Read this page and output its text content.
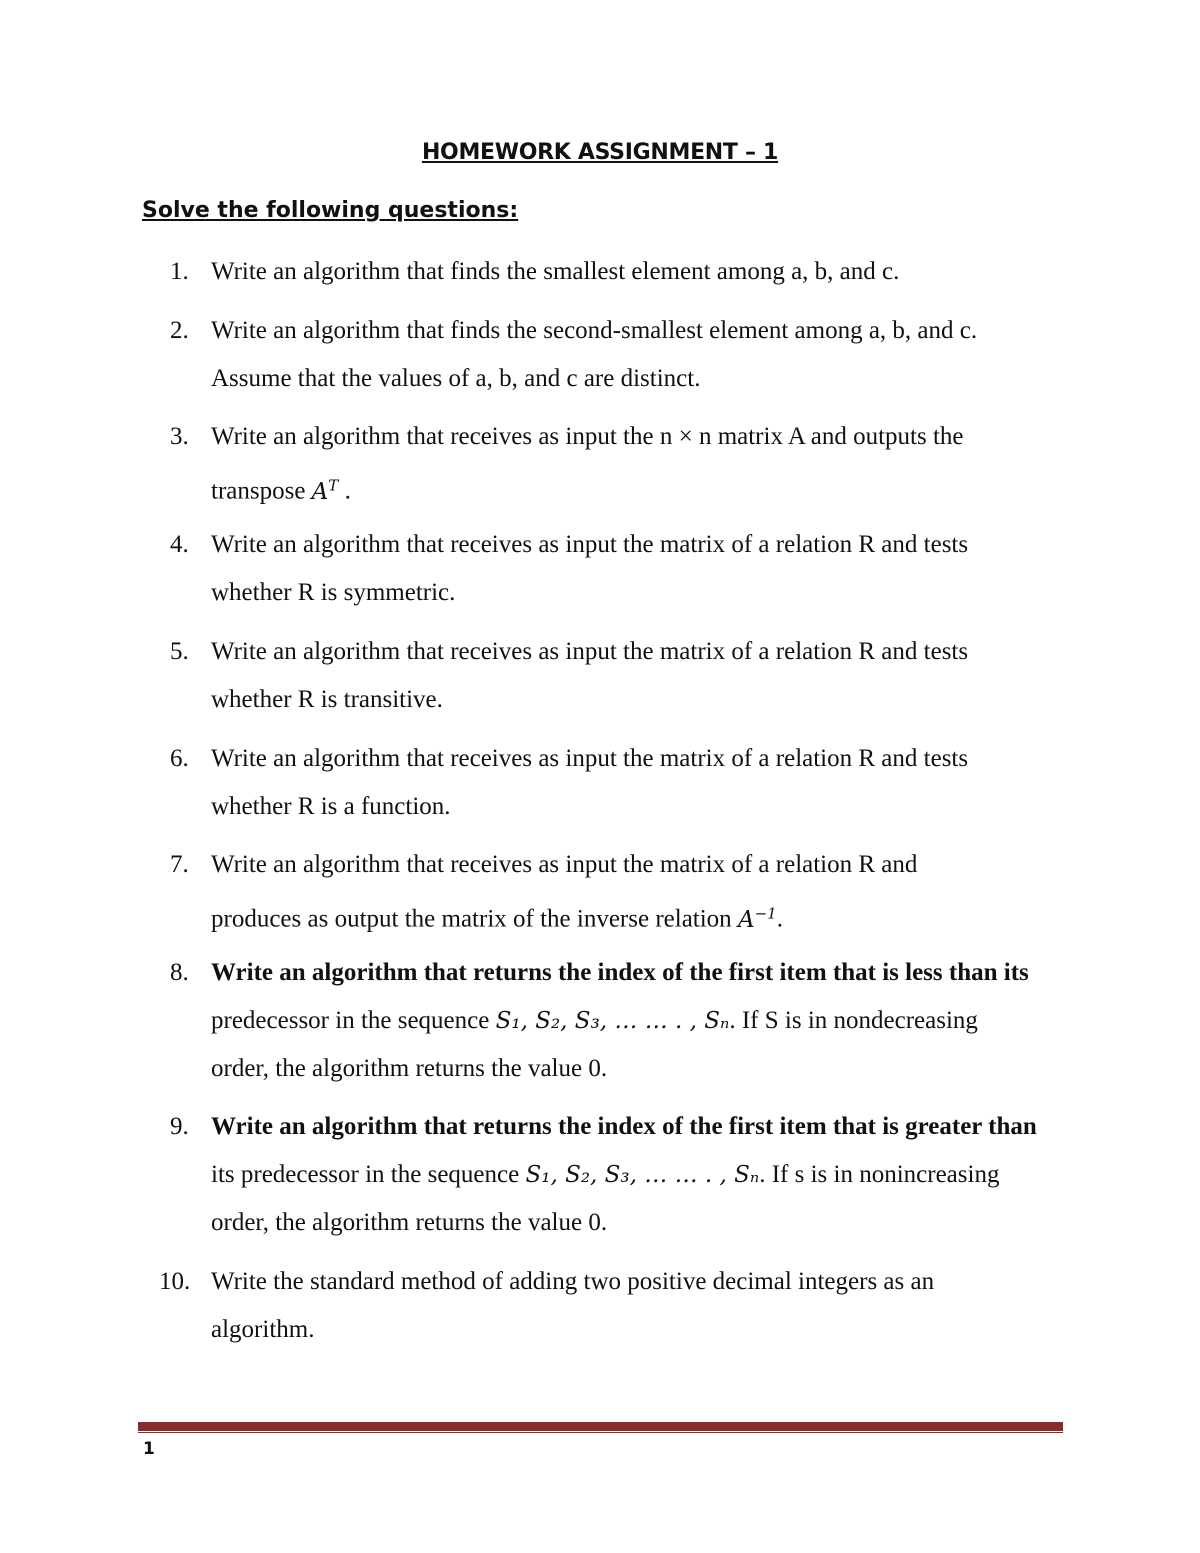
HOMEWORK ASSIGNMENT – 1
Solve the following questions:
1. Write an algorithm that finds the smallest element among a, b, and c.
2. Write an algorithm that finds the second-smallest element among a, b, and c.
Assume that the values of a, b, and c are distinct.
3. Write an algorithm that receives as input the n × n matrix A and outputs the
transpose $A^T$ .
4. Write an algorithm that receives as input the matrix of a relation R and tests
whether R is symmetric.
5. Write an algorithm that receives as input the matrix of a relation R and tests
whether R is transitive.
6. Write an algorithm that receives as input the matrix of a relation R and tests
whether R is a function.
7. Write an algorithm that receives as input the matrix of a relation R and
produces as output the matrix of the inverse relation $A^{-1}$.
8. Write an algorithm that returns the index of the first item that is less than its
predecessor in the sequence S₁, S₂, S₃, … … . , Sₙ. If S is in nondecreasing
order, the algorithm returns the value 0.
9. Write an algorithm that returns the index of the first item that is greater than
its predecessor in the sequence S₁, S₂, S₃, … … . , Sₙ. If s is in nonincreasing
order, the algorithm returns the value 0.
10. Write the standard method of adding two positive decimal integers as an
algorithm.
1
